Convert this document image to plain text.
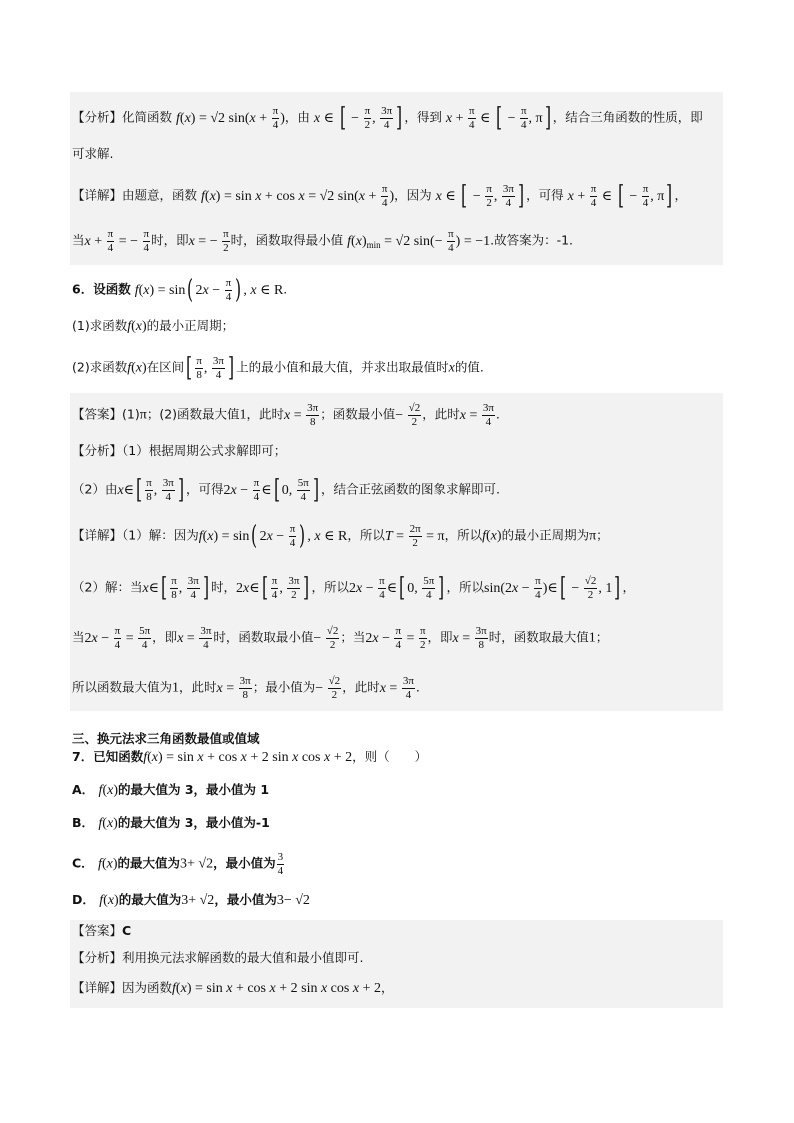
【分析】化简函数 f(x) = √2 $\sin(x + \frac{\pi}{4}$ )，由 x ∈ [ − $\frac{\pi}{2}$ , $\frac{3\pi}{4}$ ] ，得到 $x + \frac{\pi}{4}$ ∈ [ − $\frac{\pi}{4}$ , π] ，结合三角函数的性质，即
可求解.
【详解】由题意，函数 f(x) = sin x + cos x = √2 $\sin(x + \frac{\pi}{4}$ )，因为 x ∈ [ − $\frac{\pi}{2}$ , $\frac{3\pi}{4}$ ] ，可得 $x + \frac{\pi}{4}$ ∈ [ − $\frac{\pi}{4}$ , π] ，
当$x + \frac{\pi}{4}$ = − $\frac{\pi}{4}$ 时，即x = − $\frac{\pi}{2}$ 时，函数取得最小值 $f(x)_{min} = √2$ $\sin(- \frac{\pi}{4}$ ) = −1.故答案为：-1.
6．设函数 f(x) = sin( $2x - \frac{\pi}{4}$ ) , x ∈ R.
(1)求函数f(x)的最小正周期；
(2)求函数f(x)在区间[ $\frac{\pi}{8}$ , $\frac{3\pi}{4}$ ] 上的最小值和最大值，并求出取最值时x的值.
【答案】(1)π；(2)函数最大值1，此时$x = \frac{3\pi}{8}$ ；函数最小值− $\frac{√2}{2}$ ，此时$x = \frac{3\pi}{4}$ .
【分析】（1）根据周期公式求解即可；
（2）由x∈[ $\frac{\pi}{8}$ , $\frac{3\pi}{4}$ ] ，可得$2x - \frac{\pi}{4}$ ∈[ 0, $\frac{5\pi}{4}$ ] ，结合正弦函数的图象求解即可.
【详解】（1）解：因为f(x) = sin( $2x - \frac{\pi}{4}$ ) , x ∈ R，所以$T = \frac{2\pi}{2} = \pi$，所以f(x)的最小正周期为π；
（2）解：当x∈[ $\frac{\pi}{8}$ , $\frac{3\pi}{4}$ ] 时，2x∈[ $\frac{\pi}{4}$ , $\frac{3\pi}{2}$ ] ，所以$2x - \frac{\pi}{4}$ ∈[ 0, $\frac{5\pi}{4}$ ] ，所以$\sin(2x - \frac{\pi}{4}$ )∈[ − $\frac{√2}{2}$ , 1] ，
当$2x - \frac{\pi}{4} = \frac{5\pi}{4}$ ，即$x = \frac{3\pi}{4}$ 时，函数取最小值− $\frac{√2}{2}$ ；当$2x - \frac{\pi}{4} = \frac{\pi}{2}$ ，即$x = \frac{3\pi}{8}$ 时，函数取最大值1；
所以函数最大值为1，此时$x = \frac{3\pi}{8}$ ；最小值为− $\frac{√2}{2}$ ，此时$x = \frac{3\pi}{4}$ .
三、换元法求三角函数最值或值域
7．已知函数f(x) = sin x + cos x + 2 sin x cos x + 2，则（　　）
A． f(x)的最大值为 3，最小值为 1
B． f(x)的最大值为 3，最小值为-1
C． f(x)的最大值为3+ √2，最小值为 $\frac{3}{4}$
D． f(x)的最大值为3+ √2，最小值为3− √2
【答案】C
【分析】利用换元法求解函数的最大值和最小值即可.
【详解】因为函数f(x) = sin x + cos x + 2 sin x cos x + 2，
